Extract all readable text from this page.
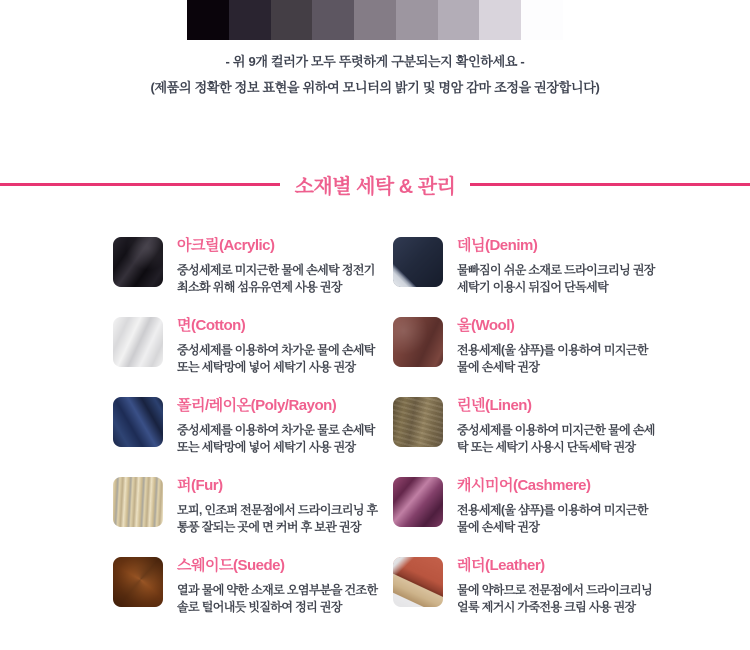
- 위 9개 컬러가 모두 뚜렷하게 구분되는지 확인하세요 -
(제품의 정확한 정보 표현을 위하여 모니터의 밝기 및 명암 감마 조정을 권장합니다)
소재별 세탁 & 관리
아크릴(Acrylic)
중성세제로 미지근한 물에 손세탁 정전기
최소화 위해 섬유유연제 사용 권장
데님(Denim)
물빠짐이 쉬운 소재로 드라이크리닝 권장
세탁기 이용시 뒤집어 단독세탁
면(Cotton)
중성세제를 이용하여 차가운 물에 손세탁
또는 세탁망에 넣어 세탁기 사용 권장
울(Wool)
전용세제(울 샴푸)를 이용하여 미지근한
물에 손세탁 권장
폴리/레이온(Poly/Rayon)
중성세제를 이용하여 차가운 물로 손세탁
또는 세탁망에 넣어 세탁기 사용 권장
린넨(Linen)
중성세제를 이용하여 미지근한 물에 손세
탁 또는 세탁기 사용시 단독세탁 권장
퍼(Fur)
모피, 인조퍼 전문점에서 드라이크리닝 후
통풍 잘되는 곳에 면 커버 후 보관 권장
캐시미어(Cashmere)
전용세제(울 샴푸)를 이용하여 미지근한
물에 손세탁 권장
스웨이드(Suede)
열과 물에 약한 소재로 오염부분을 건조한
솔로 털어내듯 빗질하여 정리 권장
레더(Leather)
물에 약하므로 전문점에서 드라이크리닝
얼룩 제거시 가죽전용 크림 사용 권장
